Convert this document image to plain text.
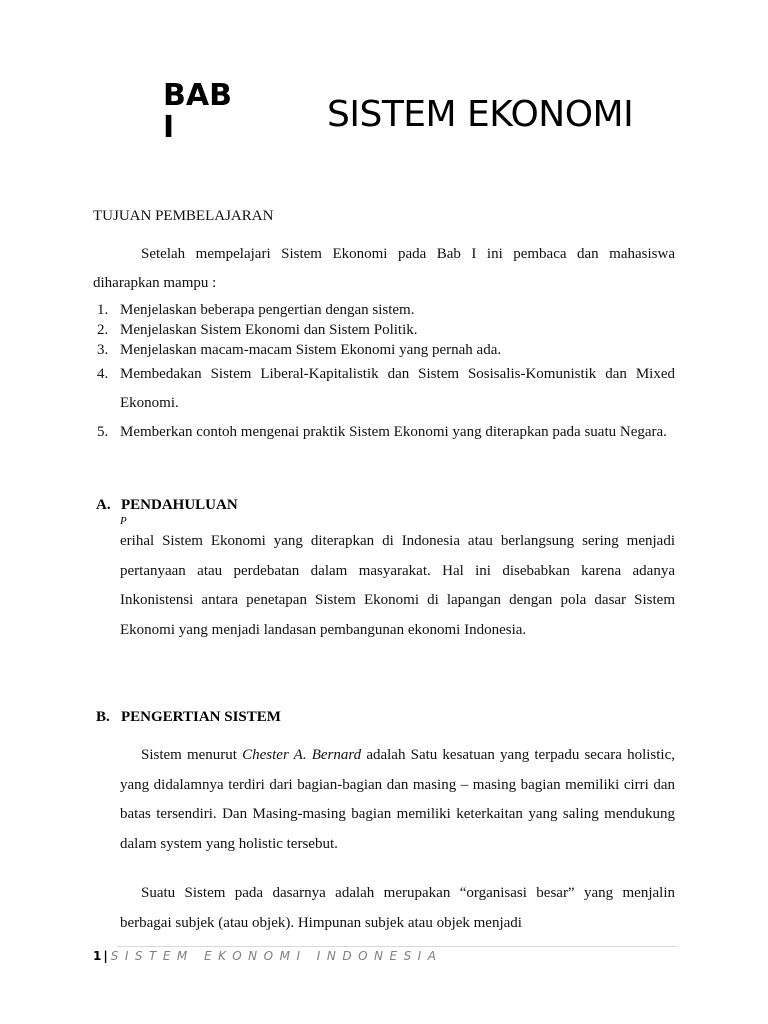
BAB I	SISTEM EKONOMI
TUJUAN PEMBELAJARAN
Setelah mempelajari Sistem Ekonomi pada Bab I ini pembaca dan mahasiswa diharapkan mampu :
1. Menjelaskan beberapa pengertian dengan sistem.
2. Menjelaskan Sistem Ekonomi dan Sistem Politik.
3. Menjelaskan macam-macam Sistem Ekonomi yang pernah ada.
4. Membedakan Sistem Liberal-Kapitalistik dan Sistem Sosisalis-Komunistik dan Mixed Ekonomi.
5. Memberkan contoh mengenai praktik Sistem Ekonomi yang diterapkan pada suatu Negara.
A. PENDAHULUAN
P
erihal Sistem Ekonomi yang diterapkan di Indonesia atau berlangsung sering menjadi pertanyaan atau perdebatan dalam masyarakat. Hal ini disebabkan karena adanya Inkonistensi antara penetapan Sistem Ekonomi di lapangan dengan pola dasar Sistem Ekonomi yang menjadi landasan pembangunan ekonomi Indonesia.
B. PENGERTIAN SISTEM
Sistem menurut Chester A. Bernard adalah Satu kesatuan yang terpadu secara holistic, yang didalamnya terdiri dari bagian-bagian dan masing – masing bagian memiliki cirri dan batas tersendiri. Dan Masing-masing bagian memiliki keterkaitan yang saling mendukung dalam system yang holistic tersebut.
Suatu Sistem pada dasarnya adalah merupakan “organisasi besar” yang menjalin berbagai subjek (atau objek). Himpunan subjek atau objek menjadi
1 | SISTEM EKONOMI INDONESIA
